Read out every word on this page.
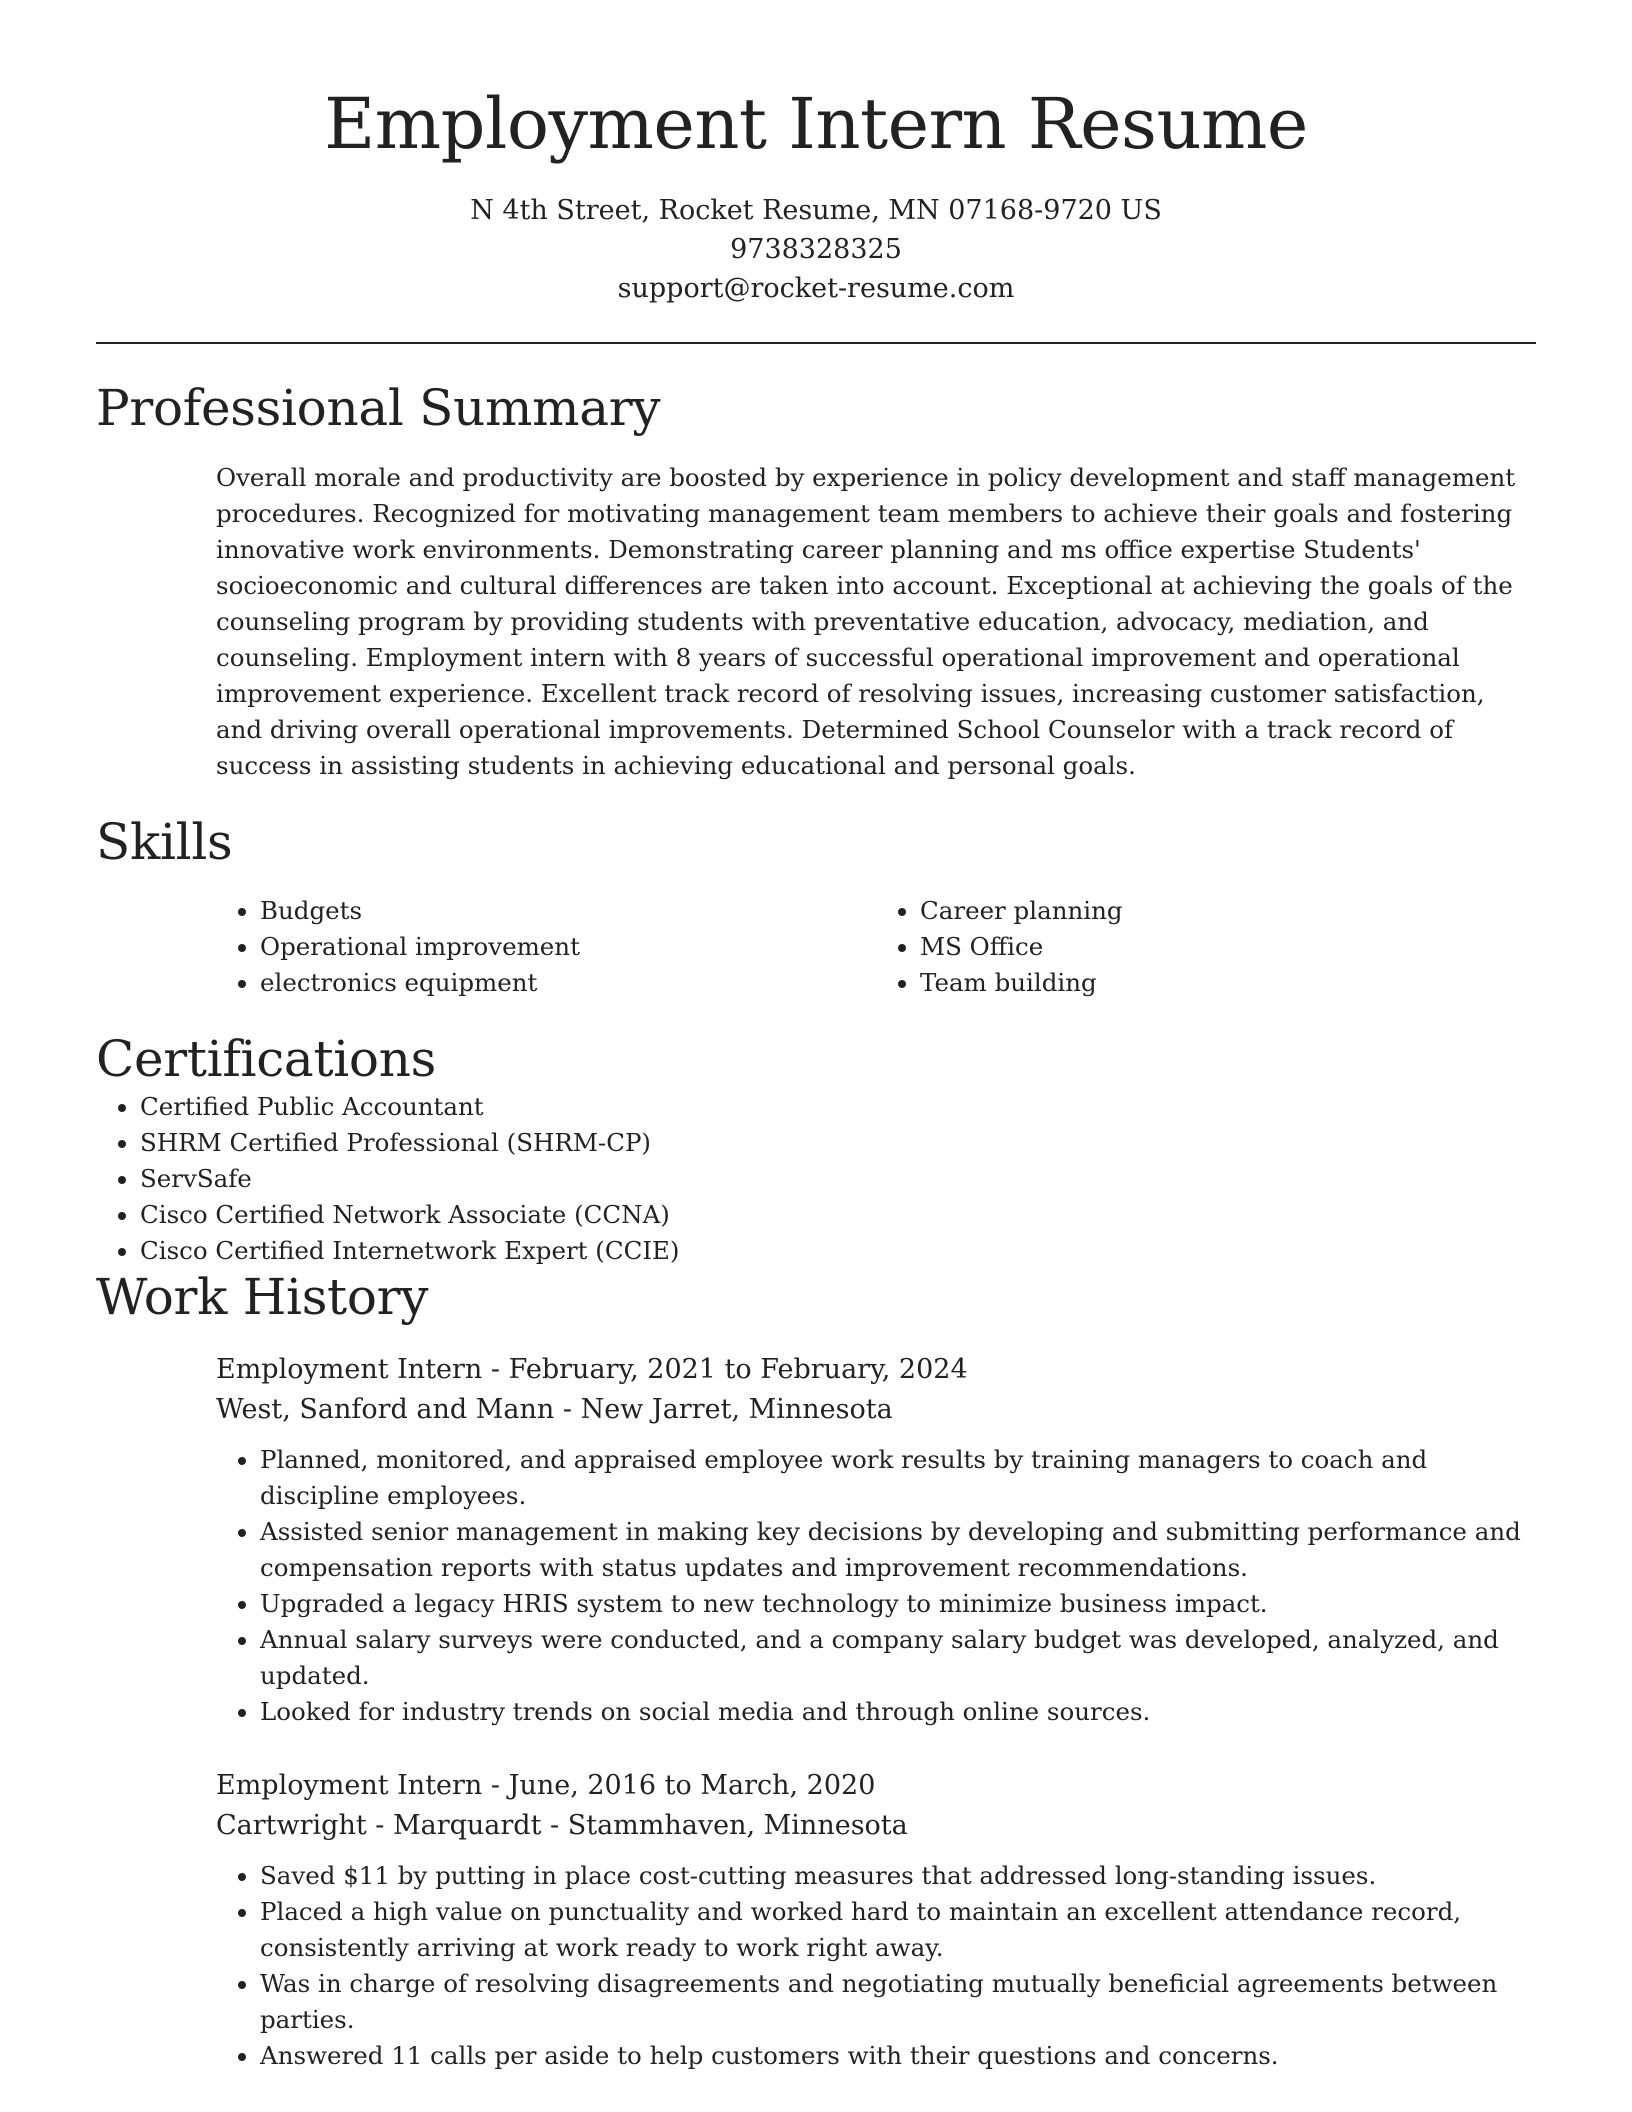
Employment Intern Resume
N 4th Street, Rocket Resume, MN 07168-9720 US
9738328325
support@rocket-resume.com
Professional Summary

Overall morale and productivity are boosted by experience in policy development and staff management procedures. Recognized for motivating management team members to achieve their goals and fostering innovative work environments. Demonstrating career planning and ms office expertise Students' socioeconomic and cultural differences are taken into account. Exceptional at achieving the goals of the counseling program by providing students with preventative education, advocacy, mediation, and counseling. Employment intern with 8 years of successful operational improvement and operational improvement experience. Excellent track record of resolving issues, increasing customer satisfaction, and driving overall operational improvements. Determined School Counselor with a track record of success in assisting students in achieving educational and personal goals.

Skills
• Budgets
• Operational improvement
• electronics equipment
• Career planning
• MS Office
• Team building
Certifications
• Certified Public Accountant
• SHRM Certified Professional (SHRM-CP)
• ServSafe
• Cisco Certified Network Associate (CCNA)
• Cisco Certified Internetwork Expert (CCIE)
Work History
Employment Intern - February, 2021 to February, 2024
West, Sanford and Mann - New Jarret, Minnesota
• Planned, monitored, and appraised employee work results by training managers to coach and discipline employees.
• Assisted senior management in making key decisions by developing and submitting performance and compensation reports with status updates and improvement recommendations.
• Upgraded a legacy HRIS system to new technology to minimize business impact.
• Annual salary surveys were conducted, and a company salary budget was developed, analyzed, and updated.
• Looked for industry trends on social media and through online sources.
Employment Intern - June, 2016 to March, 2020
Cartwright - Marquardt - Stammhaven, Minnesota
• Saved $11 by putting in place cost-cutting measures that addressed long-standing issues.
• Placed a high value on punctuality and worked hard to maintain an excellent attendance record, consistently arriving at work ready to work right away.
• Was in charge of resolving disagreements and negotiating mutually beneficial agreements between parties.
• Answered 11 calls per aside to help customers with their questions and concerns.
